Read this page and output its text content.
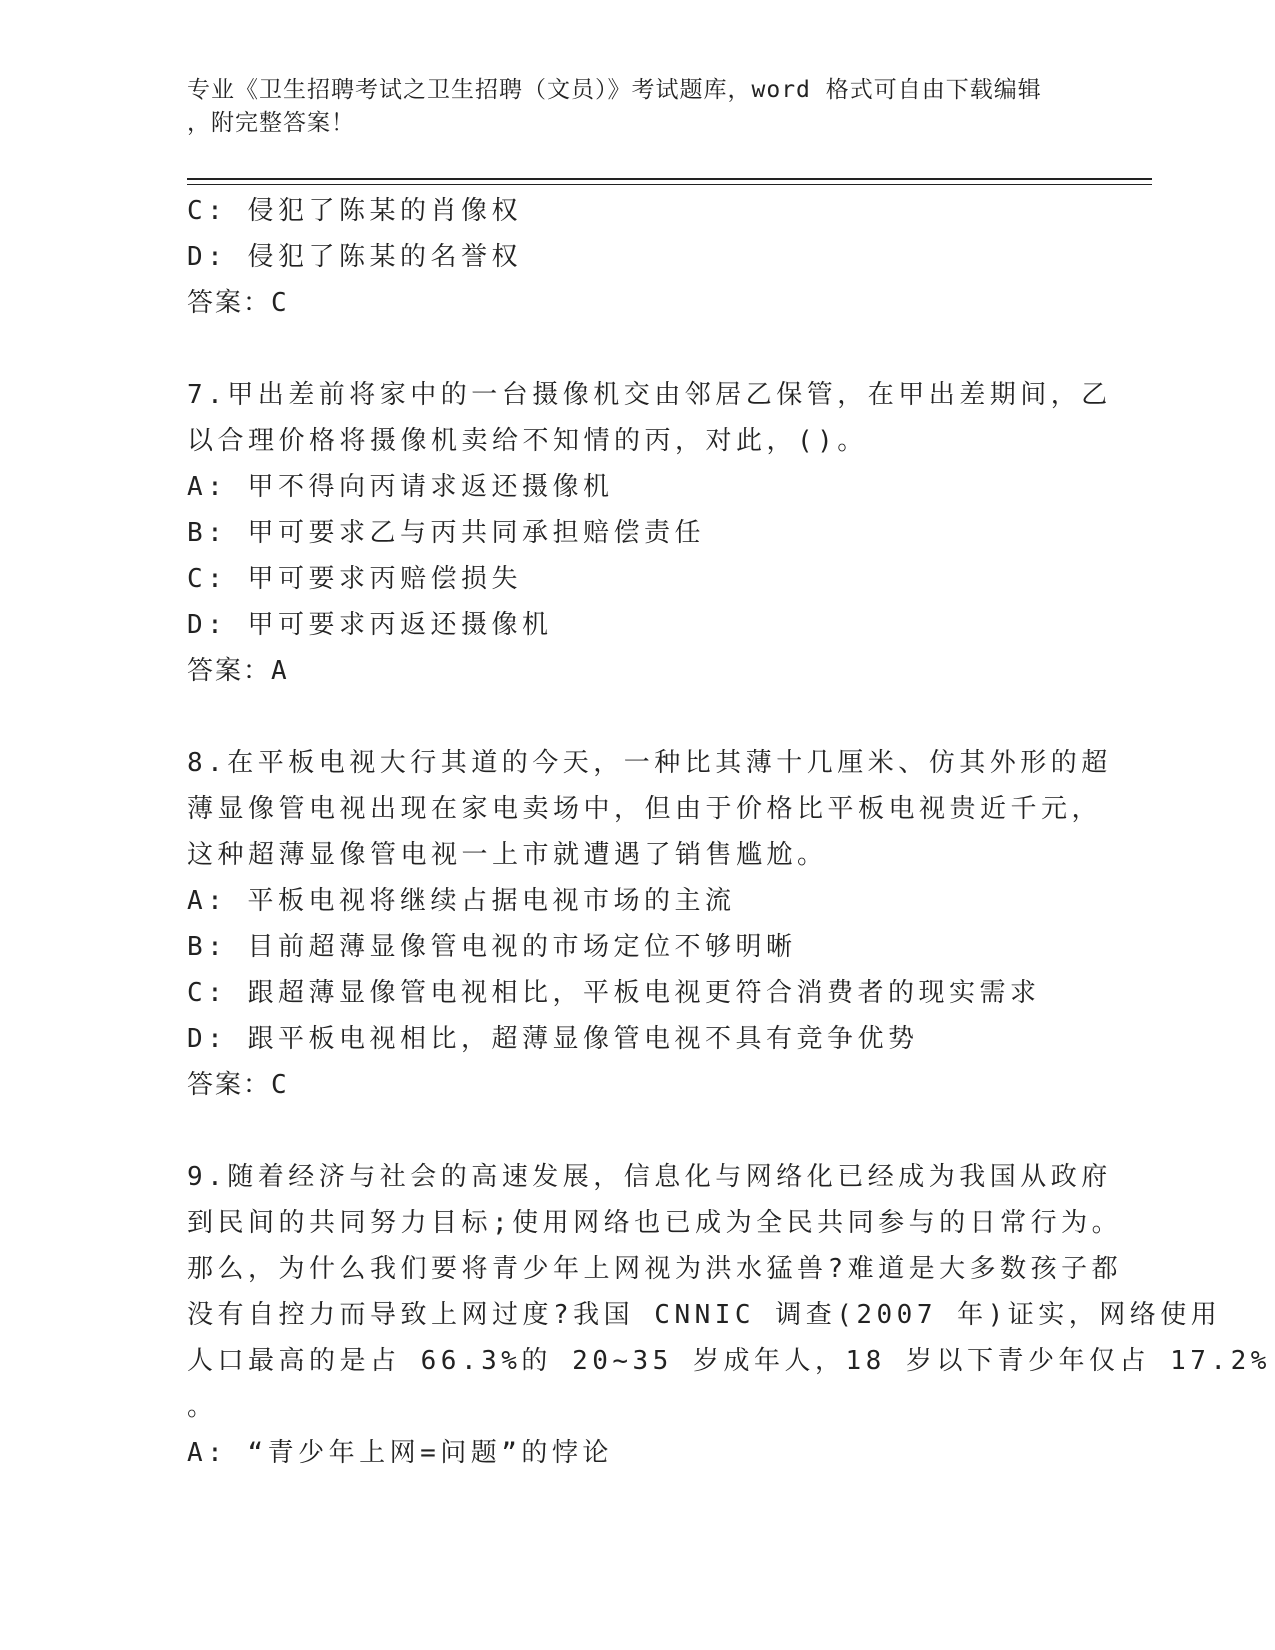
专业《卫生招聘考试之卫生招聘（文员）》考试题库，word 格式可自由下载编辑
，附完整答案！
C: 侵犯了陈某的肖像权
D: 侵犯了陈某的名誉权
答案：C
7.甲出差前将家中的一台摄像机交由邻居乙保管，在甲出差期间，乙
以合理价格将摄像机卖给不知情的丙，对此，()。
A: 甲不得向丙请求返还摄像机
B: 甲可要求乙与丙共同承担赔偿责任
C: 甲可要求丙赔偿损失
D: 甲可要求丙返还摄像机
答案：A
8.在平板电视大行其道的今天，一种比其薄十几厘米、仿其外形的超
薄显像管电视出现在家电卖场中，但由于价格比平板电视贵近千元，
这种超薄显像管电视一上市就遭遇了销售尴尬。
A: 平板电视将继续占据电视市场的主流
B: 目前超薄显像管电视的市场定位不够明晰
C: 跟超薄显像管电视相比，平板电视更符合消费者的现实需求
D: 跟平板电视相比，超薄显像管电视不具有竞争优势
答案：C
9.随着经济与社会的高速发展，信息化与网络化已经成为我国从政府
到民间的共同努力目标;使用网络也已成为全民共同参与的日常行为。
那么，为什么我们要将青少年上网视为洪水猛兽?难道是大多数孩子都
没有自控力而导致上网过度?我国 CNNIC 调查(2007 年)证实，网络使用
人口最高的是占 66.3%的 20~35 岁成年人，18 岁以下青少年仅占 17.2%
。
A: “青少年上网=问题”的悖论
